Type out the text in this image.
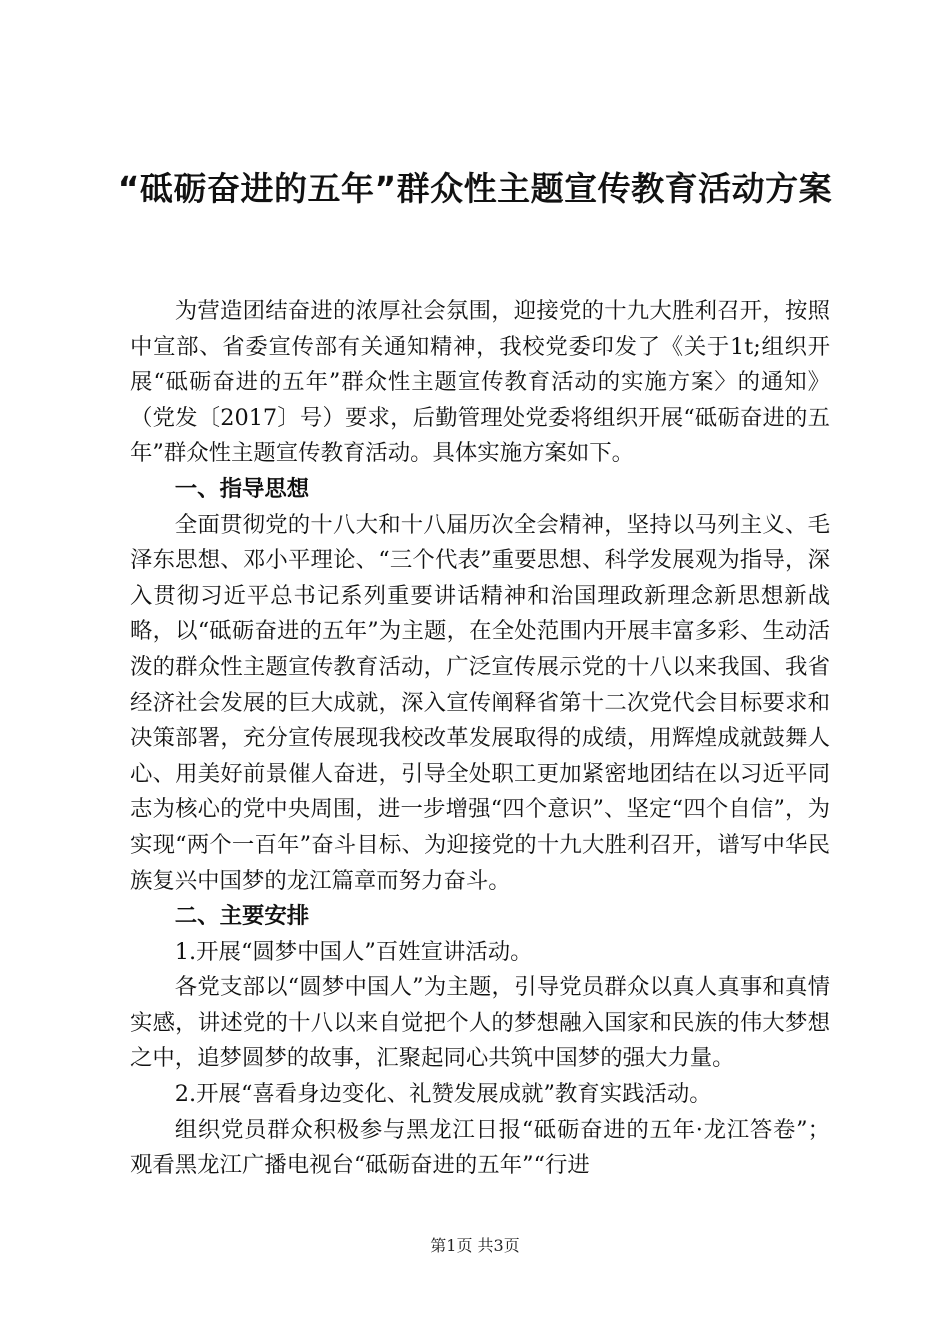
“砥砺奋进的五年”群众性主题宣传教育活动方案

为营造团结奋进的浓厚社会氛围，迎接党的十九大胜利召开，按照中宣部、省委宣传部有关通知精神，我校党委印发了《关于1t;组织开展“砥砺奋进的五年”群众性主题宣传教育活动的实施方案〉的通知》（党发〔2017〕号）要求，后勤管理处党委将组织开展“砥砺奋进的五年”群众性主题宣传教育活动。具体实施方案如下。

一、指导思想

全面贯彻党的十八大和十八届历次全会精神，坚持以马列主义、毛泽东思想、邓小平理论、“三个代表”重要思想、科学发展观为指导，深入贯彻习近平总书记系列重要讲话精神和治国理政新理念新思想新战略，以“砥砺奋进的五年”为主题，在全处范围内开展丰富多彩、生动活泼的群众性主题宣传教育活动，广泛宣传展示党的十八以来我国、我省经济社会发展的巨大成就，深入宣传阐释省第十二次党代会目标要求和决策部署，充分宣传展现我校改革发展取得的成绩，用辉煌成就鼓舞人心、用美好前景催人奋进，引导全处职工更加紧密地团结在以习近平同志为核心的党中央周围，进一步增强“四个意识”、坚定“四个自信”，为实现“两个一百年”奋斗目标、为迎接党的十九大胜利召开，谱写中华民族复兴中国梦的龙江篇章而努力奋斗。

二、主要安排

1.开展“圆梦中国人”百姓宣讲活动。

各党支部以“圆梦中国人”为主题，引导党员群众以真人真事和真情实感，讲述党的十八以来自觉把个人的梦想融入国家和民族的伟大梦想之中，追梦圆梦的故事，汇聚起同心共筑中国梦的强大力量。

2.开展“喜看身边变化、礼赞发展成就”教育实践活动。

组织党员群众积极参与黑龙江日报“砥砺奋进的五年·龙江答卷”；观看黑龙江广播电视台“砥砺奋进的五年”“行进

第1页 共3页
